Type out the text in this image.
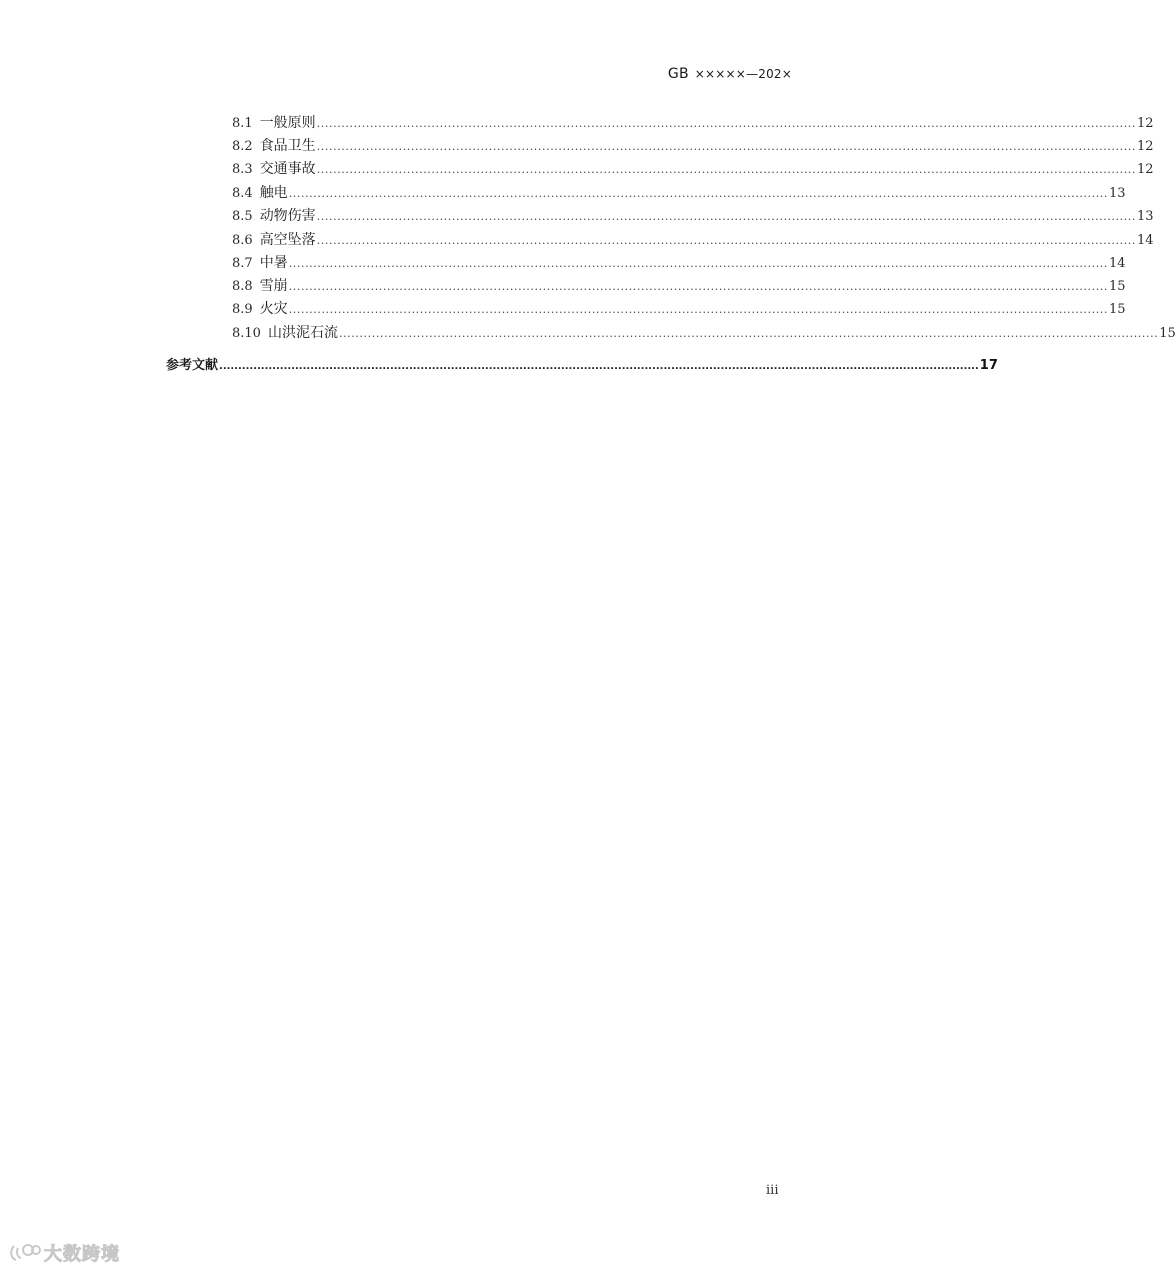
GB ×××××—202×
8.1 一般原则 ........................................................................................................................................................................................................ 12
8.2 食品卫生 ........................................................................................................................................................................................................ 12
8.3 交通事故 ........................................................................................................................................................................................................ 12
8.4 触电 ........................................................................................................................................................................................................ 13
8.5 动物伤害 ........................................................................................................................................................................................................ 13
8.6 高空坠落 ........................................................................................................................................................................................................ 14
8.7 中暑 ........................................................................................................................................................................................................ 14
8.8 雪崩 ........................................................................................................................................................................................................ 15
8.9 火灾 ........................................................................................................................................................................................................ 15
8.10 山洪泥石流 ........................................................................................................................................................................................................ 15
参考文献 ........................................................................................................................................................................................................ 17
iii
大数跨境
